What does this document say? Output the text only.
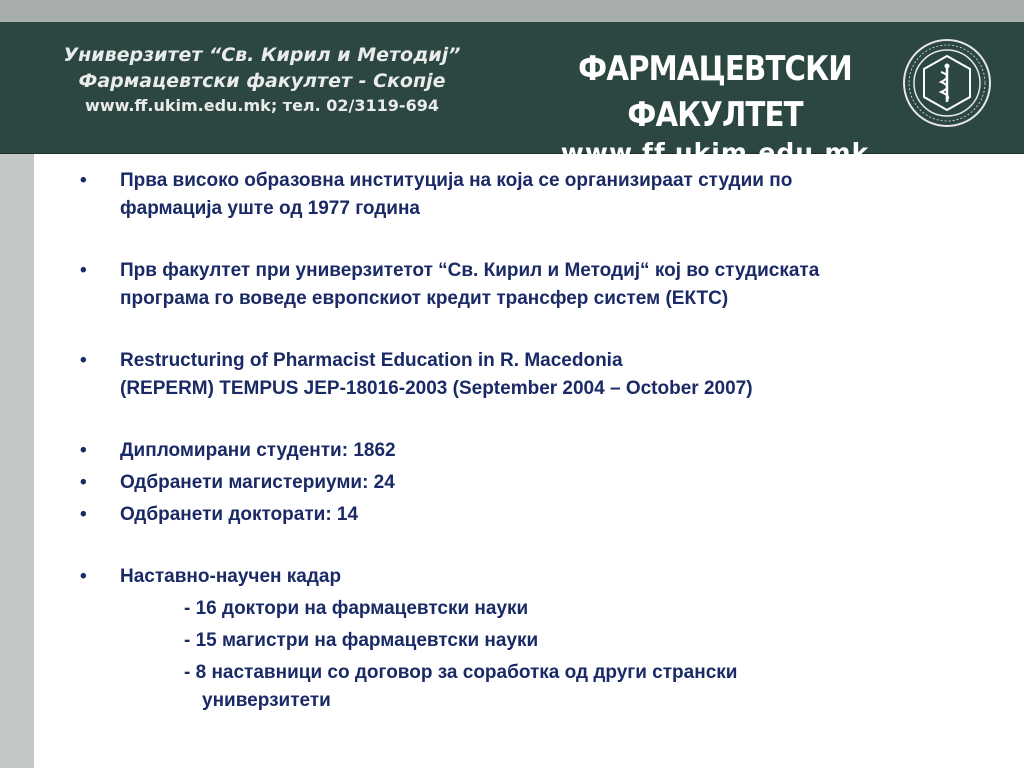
Универзитет “Св. Кирил и Методиј”
Фармацевтски факултет - Скопје
www.ff.ukim.edu.mk; тел. 02/3119-694
ФАРМАЦЕВТСКИ ФАКУЛТЕТ
www.ff.ukim.edu.mk
• Прва високо образовна институција на која се организираат студии по
фармација уште од 1977 година
• Прв факултет при универзитетот “Св. Кирил и Методиј“ кој во студиската
програма го воведе европскиот кредит трансфер систем (ЕКТС)
• Restructuring of Pharmacist Education in R. Macedonia
(REPERM) TEMPUS JEP-18016-2003 (September 2004 – October 2007)
• Дипломирани студенти: 1862
• Одбранети магистериуми: 24
• Одбранети докторати: 14
• Наставно-научен кадар
- 16 доктори на фармацевтски науки
- 15 магистри на фармацевтски науки
- 8 наставници со договор за соработка од други странски
универзитети
